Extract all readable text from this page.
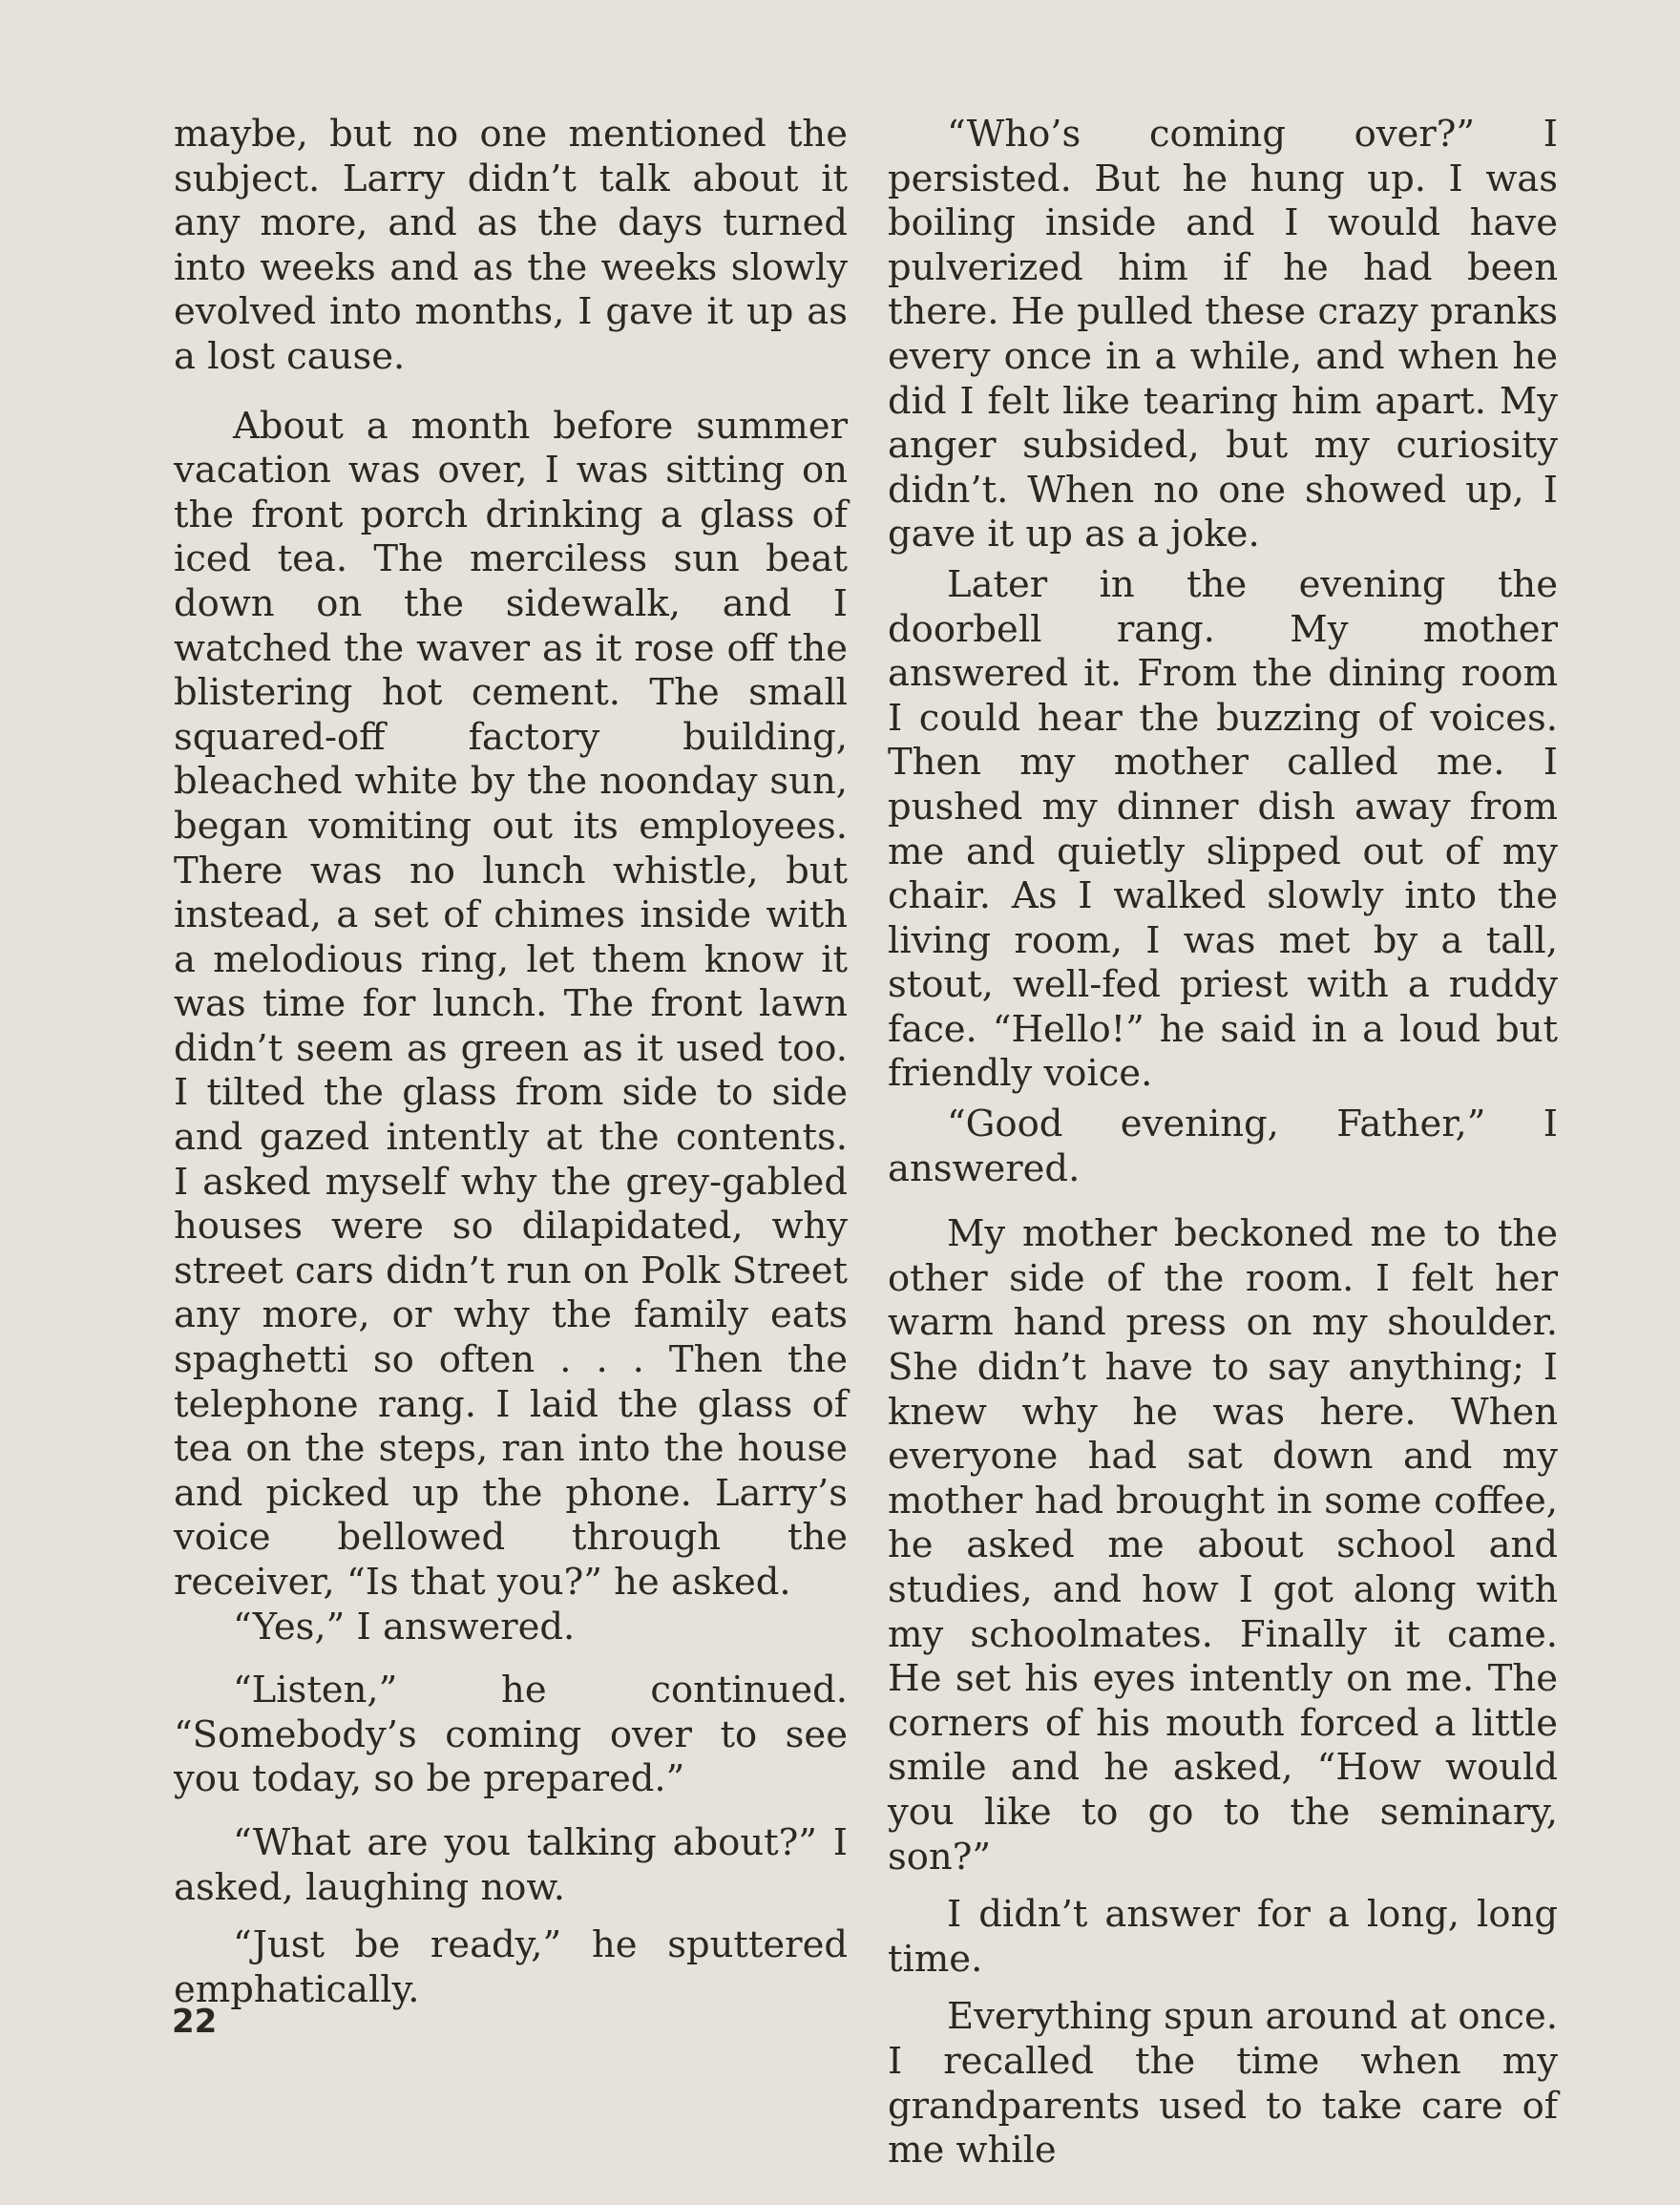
maybe, but no one mentioned the subject. Larry didn’t talk about it any more, and as the days turned into weeks and as the weeks slowly evolved into months, I gave it up as a lost cause.

About a month before summer vacation was over, I was sitting on the front porch drinking a glass of iced tea. The merciless sun beat down on the sidewalk, and I watched the waver as it rose off the blistering hot cement. The small squared-off factory building, bleached white by the noonday sun, began vomiting out its employees. There was no lunch whistle, but instead, a set of chimes inside with a melodious ring, let them know it was time for lunch. The front lawn didn’t seem as green as it used too. I tilted the glass from side to side and gazed intently at the contents. I asked myself why the grey-gabled houses were so dilapidated, why street cars didn’t run on Polk Street any more, or why the family eats spaghetti so often . . . Then the telephone rang. I laid the glass of tea on the steps, ran into the house and picked up the phone. Larry’s voice bellowed through the receiver, “Is that you?” he asked.

“Yes,” I answered.

“Listen,” he continued. “Somebody’s coming over to see you today, so be prepared.”

“What are you talking about?” I asked, laughing now.

“Just be ready,” he sputtered emphatically.

“Who’s coming over?” I persisted. But he hung up. I was boiling inside and I would have pulverized him if he had been there. He pulled these crazy pranks every once in a while, and when he did I felt like tearing him apart. My anger subsided, but my curiosity didn’t. When no one showed up, I gave it up as a joke.

Later in the evening the doorbell rang. My mother answered it. From the dining room I could hear the buzzing of voices. Then my mother called me. I pushed my dinner dish away from me and quietly slipped out of my chair. As I walked slowly into the living room, I was met by a tall, stout, well-fed priest with a ruddy face. “Hello!” he said in a loud but friendly voice.

“Good evening, Father,” I answered.

My mother beckoned me to the other side of the room. I felt her warm hand press on my shoulder. She didn’t have to say anything; I knew why he was here. When everyone had sat down and my mother had brought in some coffee, he asked me about school and studies, and how I got along with my schoolmates. Finally it came. He set his eyes intently on me. The corners of his mouth forced a little smile and he asked, “How would you like to go to the seminary, son?”

I didn’t answer for a long, long time.

Everything spun around at once. I recalled the time when my grandparents used to take care of me while

22
